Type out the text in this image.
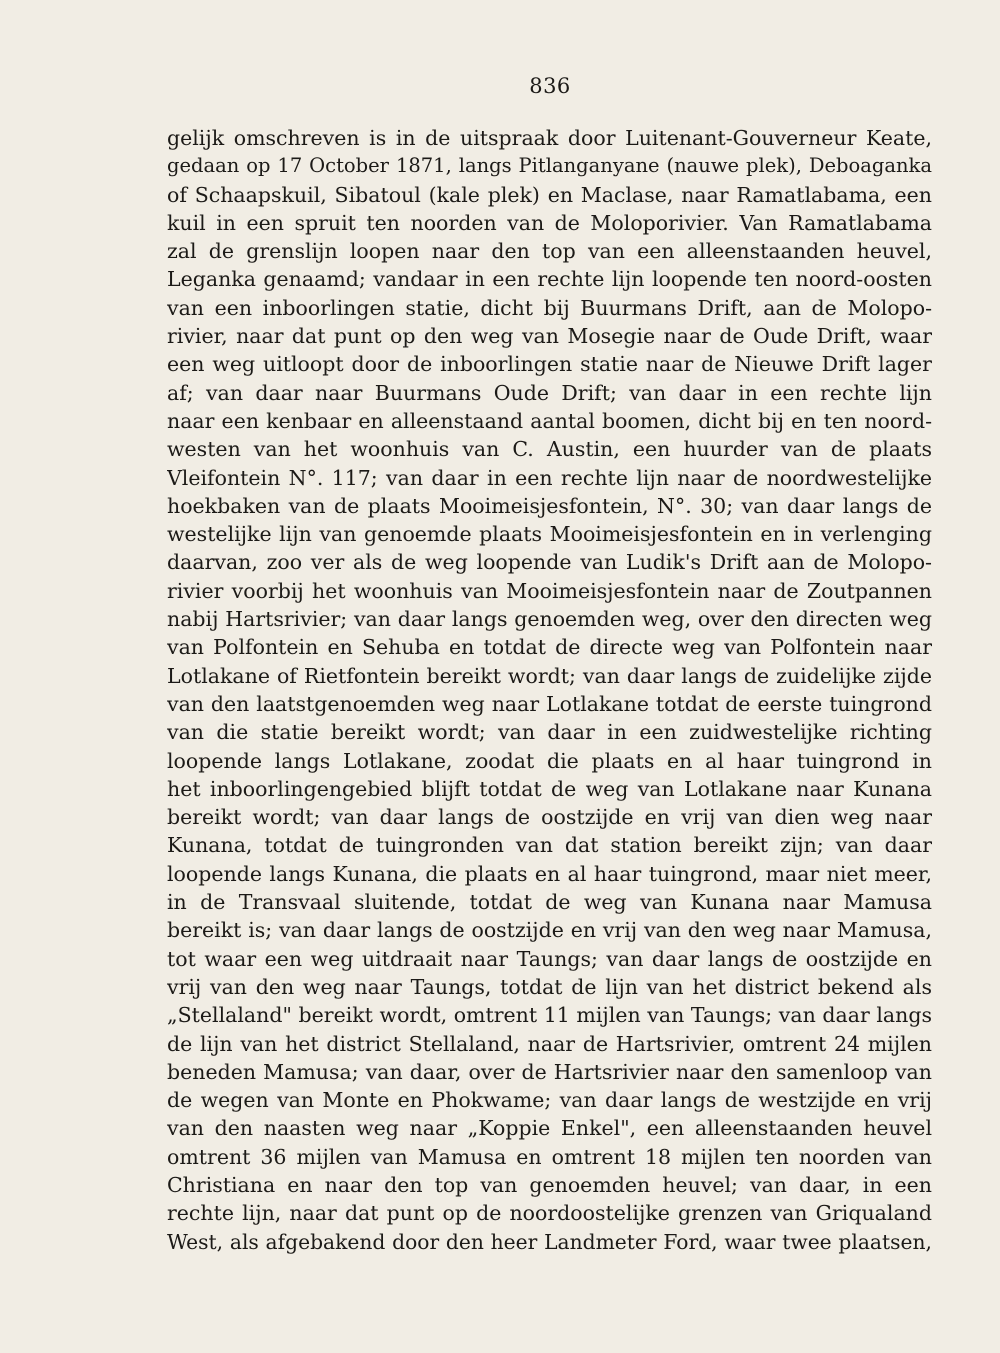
836
gelijk omschreven is in de uitspraak door Luitenant-Gouverneur Keate,
gedaan op 17 October 1871, langs Pitlanganyane (nauwe plek), Deboaganka
of Schaapskuil, Sibatoul (kale plek) en Maclase, naar Ramatlabama, een
kuil in een spruit ten noorden van de Moloporivier. Van Ramatlabama
zal de grenslijn loopen naar den top van een alleenstaanden heuvel,
Leganka genaamd; vandaar in een rechte lijn loopende ten noord-oosten
van een inboorlingen statie, dicht bij Buurmans Drift, aan de Molopo-
rivier, naar dat punt op den weg van Mosegie naar de Oude Drift, waar
een weg uitloopt door de inboorlingen statie naar de Nieuwe Drift lager
af; van daar naar Buurmans Oude Drift; van daar in een rechte lijn
naar een kenbaar en alleenstaand aantal boomen, dicht bij en ten noord-
westen van het woonhuis van C. Austin, een huurder van de plaats
Vleifontein N°. 117; van daar in een rechte lijn naar de noordwestelijke
hoekbaken van de plaats Mooimeisjesfontein, N°. 30; van daar langs de
westelijke lijn van genoemde plaats Mooimeisjesfontein en in verlenging
daarvan, zoo ver als de weg loopende van Ludik's Drift aan de Molopo-
rivier voorbij het woonhuis van Mooimeisjesfontein naar de Zoutpannen
nabij Hartsrivier; van daar langs genoemden weg, over den directen weg
van Polfontein en Sehuba en totdat de directe weg van Polfontein naar
Lotlakane of Rietfontein bereikt wordt; van daar langs de zuidelijke zijde
van den laatstgenoemden weg naar Lotlakane totdat de eerste tuingrond
van die statie bereikt wordt; van daar in een zuidwestelijke richting
loopende langs Lotlakane, zoodat die plaats en al haar tuingrond in
het inboorlingengebied blijft totdat de weg van Lotlakane naar Kunana
bereikt wordt; van daar langs de oostzijde en vrij van dien weg naar
Kunana, totdat de tuingronden van dat station bereikt zijn; van daar
loopende langs Kunana, die plaats en al haar tuingrond, maar niet meer,
in de Transvaal sluitende, totdat de weg van Kunana naar Mamusa
bereikt is; van daar langs de oostzijde en vrij van den weg naar Mamusa,
tot waar een weg uitdraait naar Taungs; van daar langs de oostzijde en
vrij van den weg naar Taungs, totdat de lijn van het district bekend als
„Stellaland" bereikt wordt, omtrent 11 mijlen van Taungs; van daar langs
de lijn van het district Stellaland, naar de Hartsrivier, omtrent 24 mijlen
beneden Mamusa; van daar, over de Hartsrivier naar den samenloop van
de wegen van Monte en Phokwame; van daar langs de westzijde en vrij
van den naasten weg naar „Koppie Enkel", een alleenstaanden heuvel
omtrent 36 mijlen van Mamusa en omtrent 18 mijlen ten noorden van
Christiana en naar den top van genoemden heuvel; van daar, in een
rechte lijn, naar dat punt op de noordoostelijke grenzen van Griqualand
West, als afgebakend door den heer Landmeter Ford, waar twee plaatsen,
